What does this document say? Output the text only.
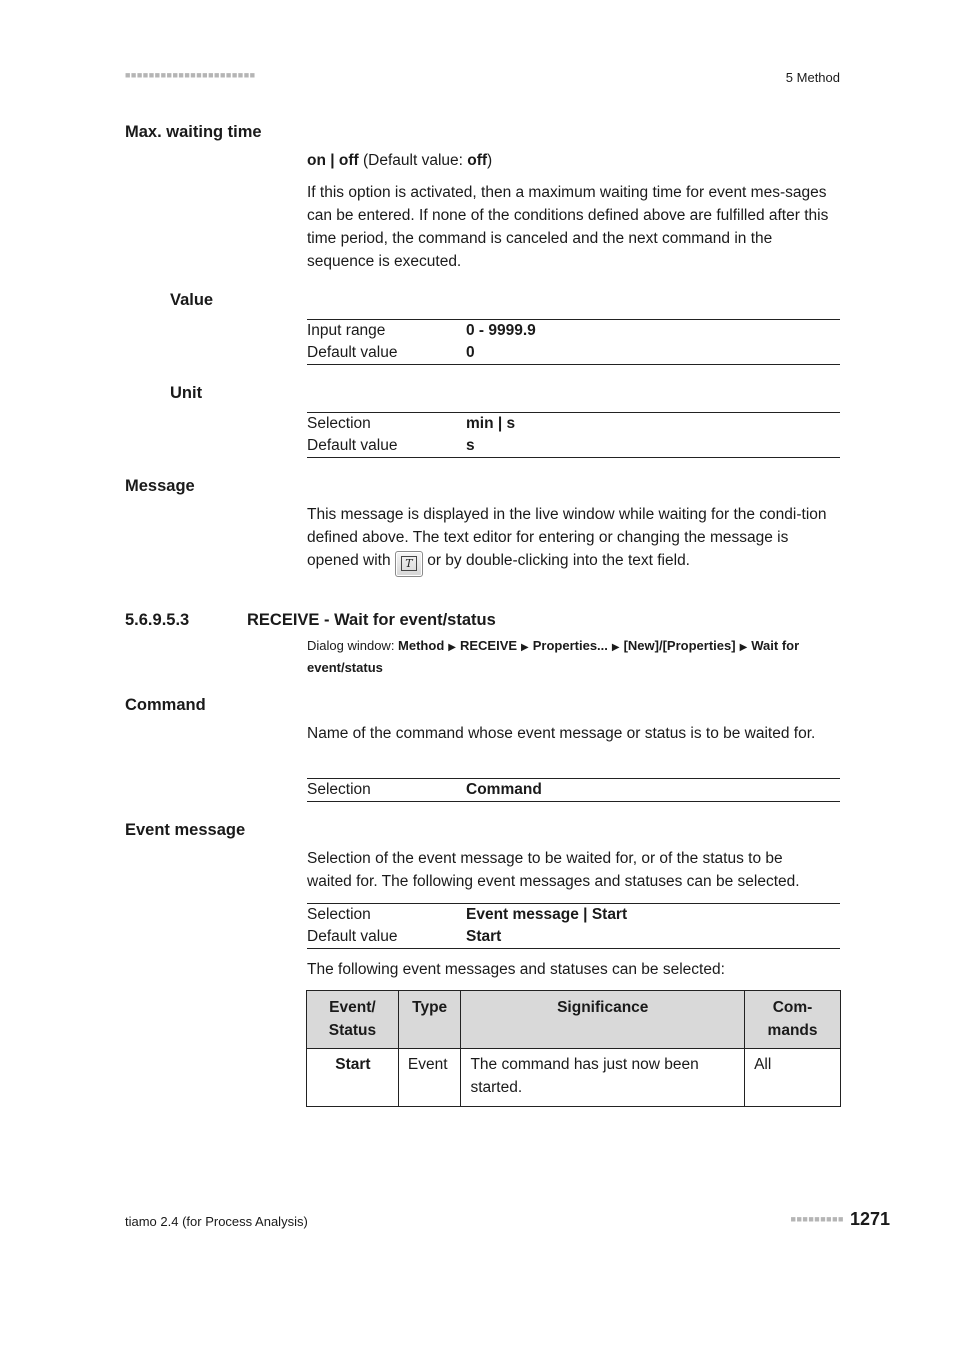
■■■■■■■■■■■■■■■■■■■■■■	5 Method
Max. waiting time
on | off (Default value: off)
If this option is activated, then a maximum waiting time for event mes-sages can be entered. If none of the conditions defined above are fulfilled after this time period, the command is canceled and the next command in the sequence is executed.
Value
Input range	0 - 9999.9
Default value	0
Unit
Selection	min | s
Default value	s
Message
This message is displayed in the live window while waiting for the condi-tion defined above. The text editor for entering or changing the message is opened with T or by double-clicking into the text field.
5.6.9.5.3	RECEIVE - Wait for event/status
Dialog window: Method ▶ RECEIVE ▶ Properties... ▶ [New]/[Properties] ▶ Wait for event/status
Command
Name of the command whose event message or status is to be waited for.
Selection	Command
Event message
Selection of the event message to be waited for, or of the status to be waited for. The following event messages and statuses can be selected.
Selection	Event message | Start
Default value	Start
The following event messages and statuses can be selected:
Event/ Status	Type	Significance	Com- mands
Start	Event	The command has just now been started.	All
tiamo 2.4 (for Process Analysis)	■■■■■■■■■ 1271
